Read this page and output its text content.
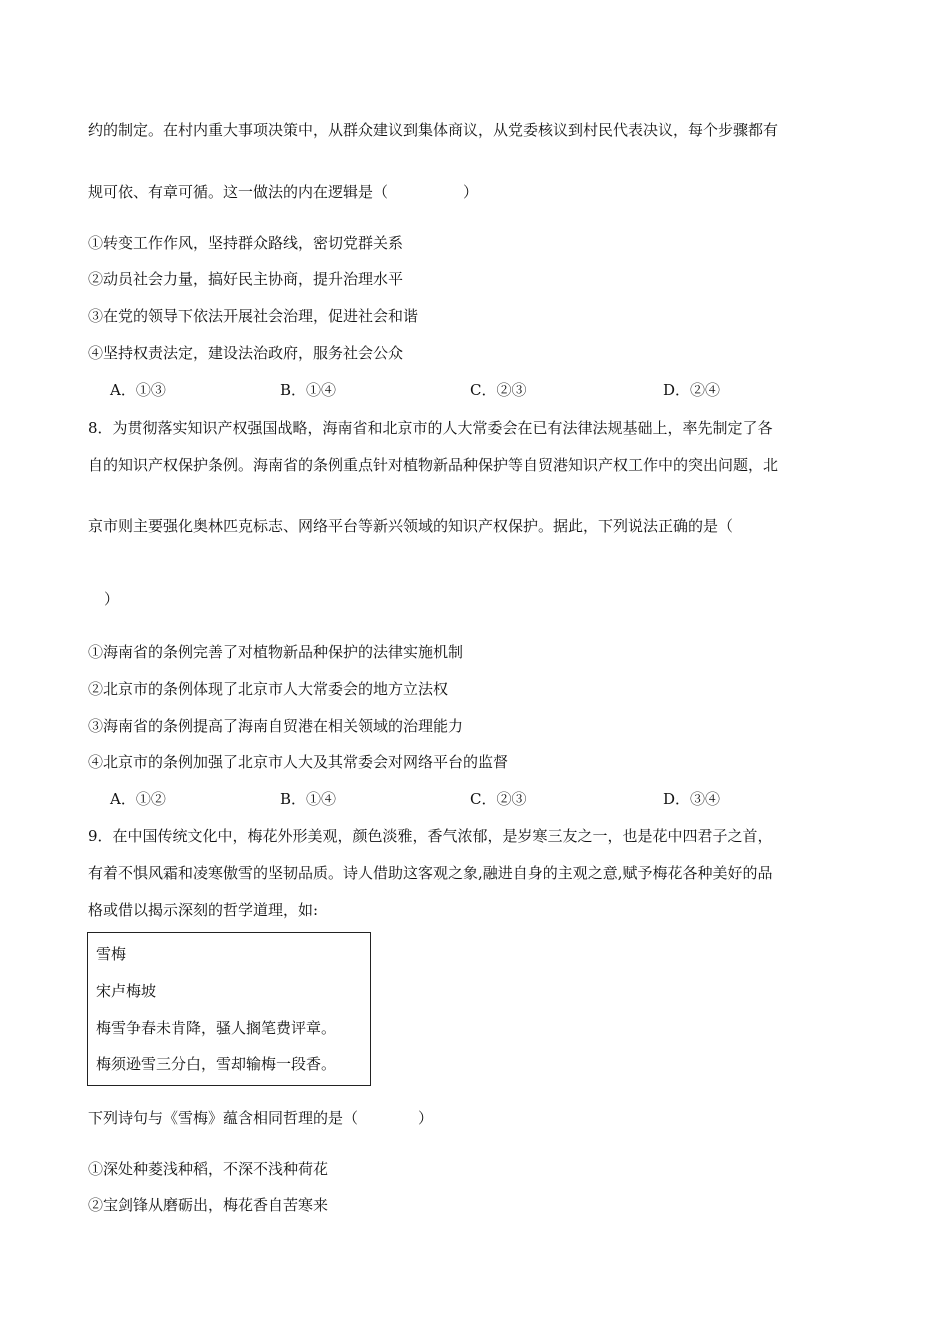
约的制定。在村内重大事项决策中，从群众建议到集体商议，从党委核议到村民代表决议，每个步骤都有
规可依、有章可循。这一做法的内在逻辑是（　　　　　）
①转变工作作风，坚持群众路线，密切党群关系
②动员社会力量，搞好民主协商，提升治理水平
③在党的领导下依法开展社会治理，促进社会和谐
④坚持权责法定，建设法治政府，服务社会公众
A．①③	B．①④	C．②③	D．②④
8．为贯彻落实知识产权强国战略，海南省和北京市的人大常委会在已有法律法规基础上，率先制定了各
自的知识产权保护条例。海南省的条例重点针对植物新品种保护等自贸港知识产权工作中的突出问题，北
京市则主要强化奥林匹克标志、网络平台等新兴领域的知识产权保护。据此，下列说法正确的是（
）
①海南省的条例完善了对植物新品种保护的法律实施机制
②北京市的条例体现了北京市人大常委会的地方立法权
③海南省的条例提高了海南自贸港在相关领域的治理能力
④北京市的条例加强了北京市人大及其常委会对网络平台的监督
A．①②	B．①④	C．②③	D．③④
9．在中国传统文化中，梅花外形美观，颜色淡雅，香气浓郁，是岁寒三友之一，也是花中四君子之首，
有着不惧风霜和凌寒傲雪的坚韧品质。诗人借助这客观之象,融进自身的主观之意,赋予梅花各种美好的品
格或借以揭示深刻的哲学道理，如:
雪梅
宋卢梅坡
梅雪争春未肯降，骚人搁笔费评章。
梅须逊雪三分白，雪却输梅一段香。
下列诗句与《雪梅》蕴含相同哲理的是（　　　　）
①深处种菱浅种稻，不深不浅种荷花
②宝剑锋从磨砺出，梅花香自苦寒来
